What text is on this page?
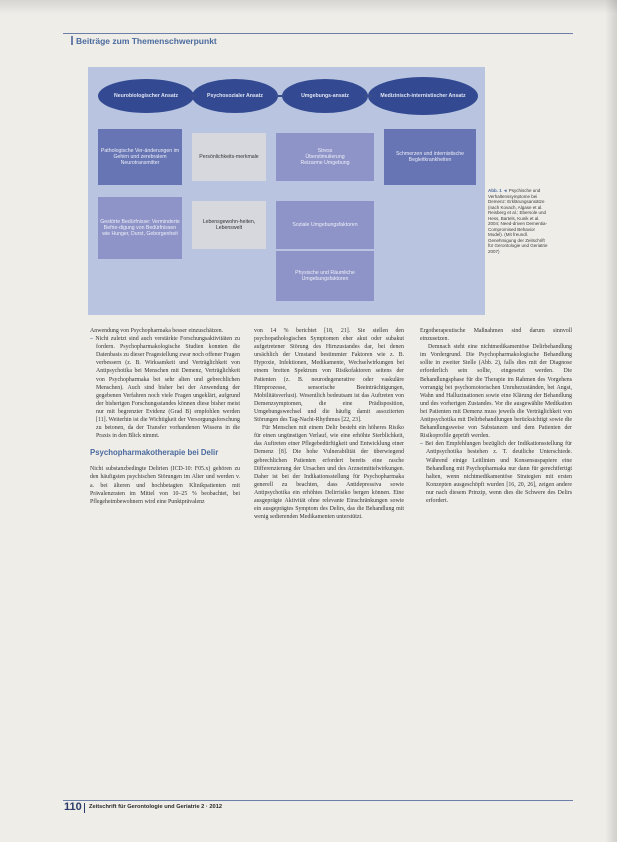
Beiträge zum Themenschwerpunkt
Neurobiologischer Ansatz	Psychosozialer Ansatz	Umgebungs-ansatz	Medizinisch-internistischer Ansatz
Pathologische Ver-änderungen im Gehirn und zerebralem Neurotransmitter
Persönlichkeits-merkmale
Stress
Überstimulierung
Reizarme Umgebung
Schmerzen und internistische Begleitkrankheiten
Gestörte Bedürfnisse: Verminderte Befrie-digung von Bedürfnissen wie Hunger, Durst, Geborgenheit
Lebensgewohn-heiten, Lebenswelt
Soziale Umgebungsfaktoren
Physische und Räumliche Umgebungsfaktoren
Abb. 1 ◄ Psychische und Verhaltenssymptome bei Demenz: Erklärungsansätze (nach Kovach, Algase et al. Reisberg et al.; Ebersole und Hess, Bartels, Kunik et al. 2004; Need-driven Dementia-Compromised Behavior Model). (Mit freundl. Genehmigung der Zeitschrift für Gerontologie und Geriatrie 2007)

Anwendung von Psychopharmaka besser einzuschätzen.

– Nicht zuletzt sind auch verstärkte Forschungsaktivitäten zu fordern. Psychopharmakologische Studien konnten die Datenbasis zu dieser Fragestellung zwar noch offener Fragen verbessern (z. B. Wirksamkeit und Verträglichkeit von Antipsychotika bei Menschen mit Demenz, Verträglichkeit von Psychopharmaka bei sehr alten und gebrechlichen Menschen). Auch sind bisher bei der Anwendung der gegebenen Verfahren noch viele Fragen ungeklärt, aufgrund der bisherigen Forschungsstandes können diese bisher meist nur mit begrenzter Evidenz (Grad B) empfohlen werden [11]. Weiterhin ist die Wichtigkeit der Versorgungsforschung zu betonen, da der Transfer vorhandenen Wissens in die Praxis in den Blick nimmt.

Psychopharmakotherapie bei Delir

Nicht substanzbedingte Delirien (ICD-10: F05.x) gehören zu den häufigsten psychischen Störungen im Alter und werden v. a. bei älteren und hochbetagten Klinikpatienten mit Prävalenzraten im Mittel von 10–25 % beobachtet, bei Pflegeheimbewohnern wird eine Punktprävalenz

von 14 % berichtet [18, 21]. Sie stellen den psychopathologischen Symptomen eher akut oder subakut aufgetretener Störung des Hirnzustandes dar, bei denen ursächlich der Umstand bestimmter Faktoren wie z. B. Hypoxie, Infektionen, Medikamente, Wechselwirkungen bei einem breiten Spektrum von Risikofaktoren seitens der Patienten (z. B. neurodegenerative oder vaskuläre Hirnprozesse, sensorische Beeinträchtigungen, Mobilitätsverlust). Wesentlich bedeutsam ist das Auftreten von Demenzsymptomen, die eine Prädisposition, Umgebungswechsel und die häufig damit assoziierten Störungen des Tag-Nacht-Rhythmus [22, 23].

Für Menschen mit einem Delir besteht ein höheres Risiko für einen ungünstigen Verlauf, wie eine erhöhte Sterblichkeit, das Auftreten einer Pflegebedürftigkeit und Entwicklung einer Demenz [8]. Die hohe Vulnerabilität der überwiegend gebrechlichen Patienten erfordert bereits eine rasche Differenzierung der Ursachen und des Arzneimittelwirkungen. Daher ist bei der Indikationsstellung für Psychopharmaka generell zu beachten, dass Antidepressiva sowie Antipsychotika ein erhöhtes Delirrisiko bergen können. Eine ausgeprägte Aktivität ohne relevante Einschränkungen sowie ein ausgeprägtes Symptom des Delirs, das die Behandlung mit wenig sedierenden Medikamenten unterstützt.

Ergotherapeutische Maßnahmen sind darum sinnvoll einzusetzen.

Demnach steht eine nichtmedikamentöse Delirbehandlung im Vordergrund. Die Psychopharmakologische Behandlung sollte in zweiter Stelle (Abb. 2), falls dies mit der Diagnose erforderlich sein sollte, eingesetzt werden. Die Behandlungsphase für die Therapie im Rahmen des Vorgehens vorrangig bei psychomotorischen Unruhezuständen, bei Angst, Wahn und Halluzinationen sowie eine Klärung der Behandlung und des vorherigen Zustandes. Vor die ausgewählte Medikation bei Patienten mit Demenz muss jeweils die Verträglichkeit von Antipsychotika mit Delirbehandlungen berücksichtigt sowie die Behandlungsweise von Substanzen und dem Patienten der Risikoprofile geprüft werden.

– Bei den Empfehlungen bezüglich der Indikationsstellung für Antipsychotika bestehen z. T. deutliche Unterschiede. Während einige Leitlinien und Konsensuspapiere eine Behandlung mit Psychopharmaka nur dann für gerechtfertigt halten, wenn nichtmedikamentöse Strategien mit ersten Konzepten ausgeschöpft wurden [16, 20, 26], zeigen andere nur nach diesem Prinzip, wenn dies die Schwere des Delirs erfordert.

110 Zeitschrift für Gerontologie und Geriatrie 2 · 2012
